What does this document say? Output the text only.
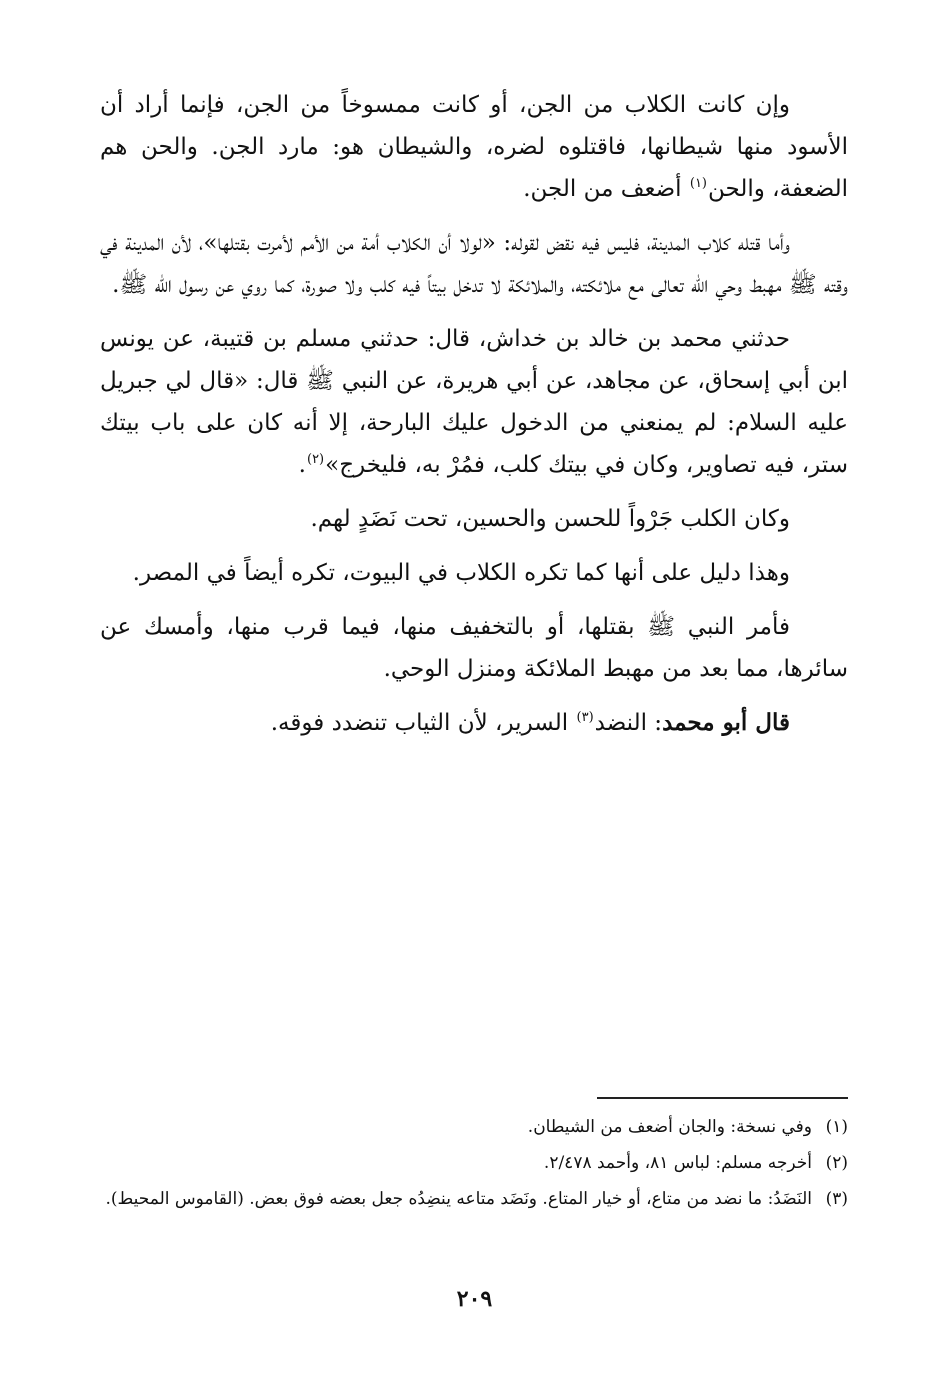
وإن كانت الكلاب من الجن، أو كانت ممسوخاً من الجن، فإنما أراد أن الأسود منها شيطانها، فاقتلوه لضره، والشيطان هو: مارد الجن. والحن هم الضعفة، والحن$^{(١)}$ أضعف من الجن.

وأما قتله كلاب المدينة، فليس فيه نقض لقوله: «لولا أن الكلاب أمة من الأمم لأمرت بقتلها»، لأن المدينة في وقته ﷺ مهبط وحي الله تعالى مع ملائكته، والملائكة لا تدخل بيتاً فيه كلب ولا صورة، كما روي عن رسول الله ﷺ.

حدثني محمد بن خالد بن خداش، قال: حدثني مسلم بن قتيبة، عن يونس ابن أبي إسحاق، عن مجاهد، عن أبي هريرة، عن النبي ﷺ قال: «قال لي جبريل عليه السلام: لم يمنعني من الدخول عليك البارحة، إلا أنه كان على باب بيتك ستر، فيه تصاوير، وكان في بيتك كلب، فمُرْ به، فليخرج»$^{(٢)}$.

وكان الكلب جَرْواً للحسن والحسين، تحت نَضَدٍ لهم.

وهذا دليل على أنها كما تكره الكلاب في البيوت، تكره أيضاً في المصر.

فأمر النبي ﷺ بقتلها، أو بالتخفيف منها، فيما قرب منها، وأمسك عن سائرها، مما بعد من مهبط الملائكة ومنزل الوحي.

قال أبو محمد: النضد$^{(٣)}$ السرير، لأن الثياب تنضدد فوقه.

(١)
وفي نسخة: والجان أضعف من الشيطان.
(٢)
أخرجه مسلم: لباس ٨١، وأحمد ٢/٤٧٨.
(٣)
النَضَدُ: ما نضد من متاع، أو خيار المتاع. ونَضَد متاعه ينضِدُه جعل بعضه فوق بعض. (القاموس المحيط).
٢٠٩
